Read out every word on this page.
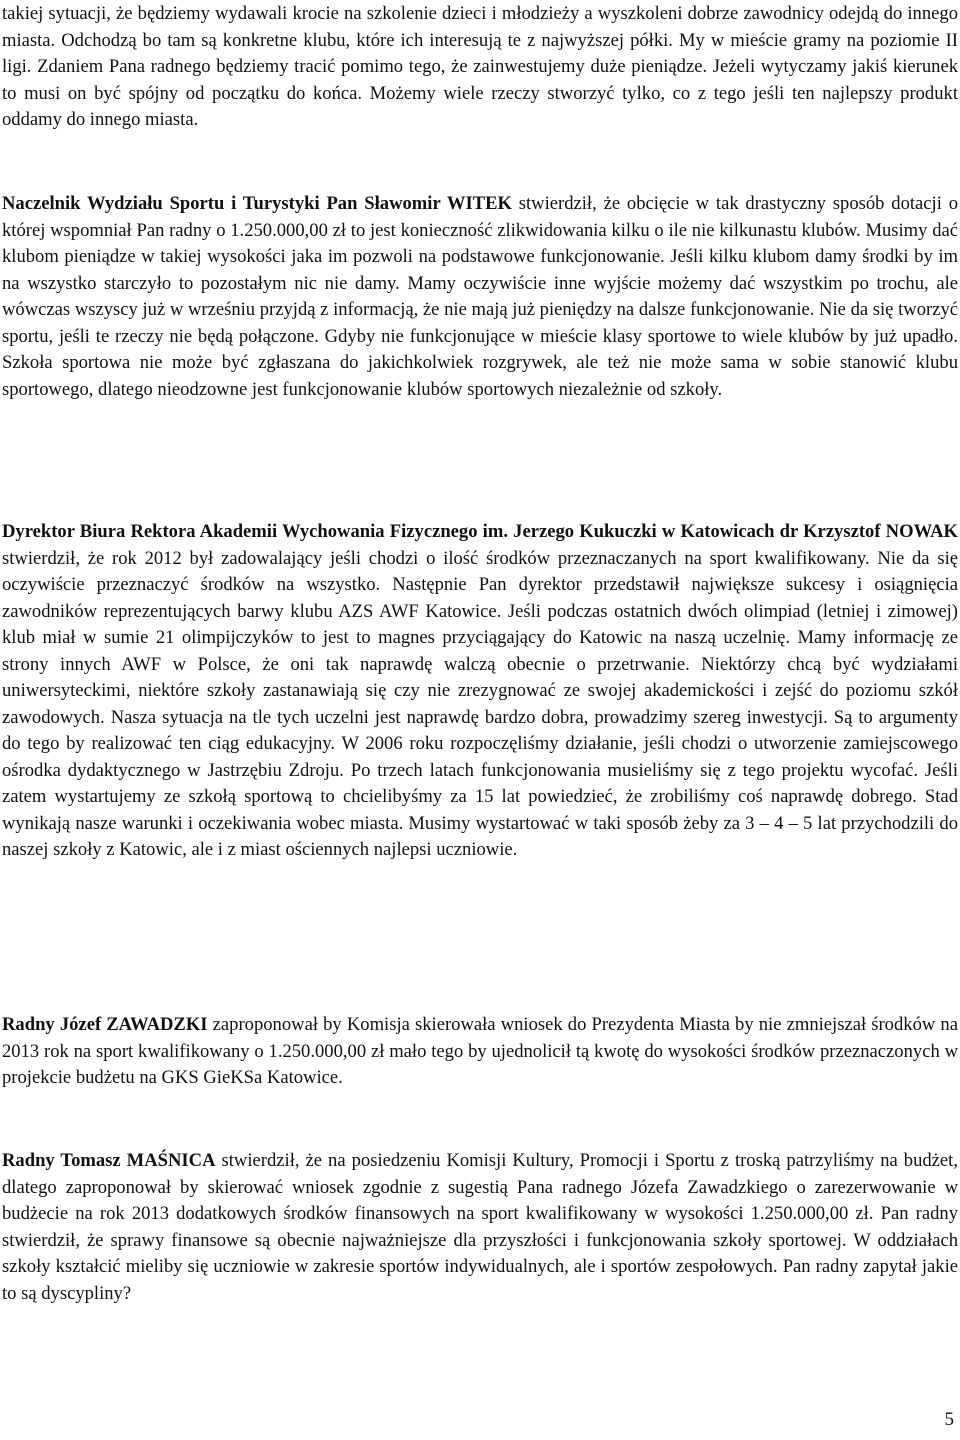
takiej sytuacji, że będziemy wydawali krocie na szkolenie dzieci i młodzieży a wyszkoleni dobrze zawodnicy odejdą do innego miasta. Odchodzą bo tam są konkretne klubu, które ich interesują te z najwyższej półki. My w mieście gramy na poziomie II ligi. Zdaniem Pana radnego będziemy tracić pomimo tego, że zainwestujemy duże pieniądze. Jeżeli wytyczamy jakiś kierunek to musi on być spójny od początku do końca. Możemy wiele rzeczy stworzyć tylko, co z tego jeśli ten najlepszy produkt oddamy do innego miasta.

Naczelnik Wydziału Sportu i Turystyki Pan Sławomir WITEK stwierdził, że obcięcie w tak drastyczny sposób dotacji o której wspomniał Pan radny o 1.250.000,00 zł to jest konieczność zlikwidowania kilku o ile nie kilkunastu klubów. Musimy dać klubom pieniądze w takiej wysokości jaka im pozwoli na podstawowe funkcjonowanie. Jeśli kilku klubom damy środki by im na wszystko starczyło to pozostałym nic nie damy. Mamy oczywiście inne wyjście możemy dać wszystkim po trochu, ale wówczas wszyscy już w wrześniu przyjdą z informacją, że nie mają już pieniędzy na dalsze funkcjonowanie. Nie da się tworzyć sportu, jeśli te rzeczy nie będą połączone. Gdyby nie funkcjonujące w mieście klasy sportowe to wiele klubów by już upadło. Szkoła sportowa nie może być zgłaszana do jakichkolwiek rozgrywek, ale też nie może sama w sobie stanowić klubu sportowego, dlatego nieodzowne jest funkcjonowanie klubów sportowych niezależnie od szkoły.

Dyrektor Biura Rektora Akademii Wychowania Fizycznego im. Jerzego Kukuczki w Katowicach dr Krzysztof NOWAK stwierdził, że rok 2012 był zadowalający jeśli chodzi o ilość środków przeznaczanych na sport kwalifikowany. Nie da się oczywiście przeznaczyć środków na wszystko. Następnie Pan dyrektor przedstawił największe sukcesy i osiągnięcia zawodników reprezentujących barwy klubu AZS AWF Katowice. Jeśli podczas ostatnich dwóch olimpiad (letniej i zimowej) klub miał w sumie 21 olimpijczyków to jest to magnes przyciągający do Katowic na naszą uczelnię. Mamy informację ze strony innych AWF w Polsce, że oni tak naprawdę walczą obecnie o przetrwanie. Niektórzy chcą być wydziałami uniwersyteckimi, niektóre szkoły zastanawiają się czy nie zrezygnować ze swojej akademickości i zejść do poziomu szkół zawodowych. Nasza sytuacja na tle tych uczelni jest naprawdę bardzo dobra, prowadzimy szereg inwestycji. Są to argumenty do tego by realizować ten ciąg edukacyjny. W 2006 roku rozpoczęliśmy działanie, jeśli chodzi o utworzenie zamiejscowego ośrodka dydaktycznego w Jastrzębiu Zdroju. Po trzech latach funkcjonowania musieliśmy się z tego projektu wycofać. Jeśli zatem wystartujemy ze szkołą sportową to chcielibyśmy za 15 lat powiedzieć, że zrobiliśmy coś naprawdę dobrego. Stad wynikają nasze warunki i oczekiwania wobec miasta. Musimy wystartować w taki sposób żeby za 3 – 4 – 5 lat przychodzili do naszej szkoły z Katowic, ale i z miast ościennych najlepsi uczniowie.

Radny Józef ZAWADZKI zaproponował by Komisja skierowała wniosek do Prezydenta Miasta by nie zmniejszał środków na 2013 rok na sport kwalifikowany o 1.250.000,00 zł mało tego by ujednolicił tą kwotę do wysokości środków przeznaczonych w projekcie budżetu na GKS GieKSa Katowice.

Radny Tomasz MAŚNICA stwierdził, że na posiedzeniu Komisji Kultury, Promocji i Sportu z troską patrzyliśmy na budżet, dlatego zaproponował by skierować wniosek zgodnie z sugestią Pana radnego Józefa Zawadzkiego o zarezerwowanie w budżecie na rok 2013 dodatkowych środków finansowych na sport kwalifikowany w wysokości 1.250.000,00 zł. Pan radny stwierdził, że sprawy finansowe są obecnie najważniejsze dla przyszłości i funkcjonowania szkoły sportowej. W oddziałach szkoły kształcić mieliby się uczniowie w zakresie sportów indywidualnych, ale i sportów zespołowych. Pan radny zapytał jakie to są dyscypliny?

5
